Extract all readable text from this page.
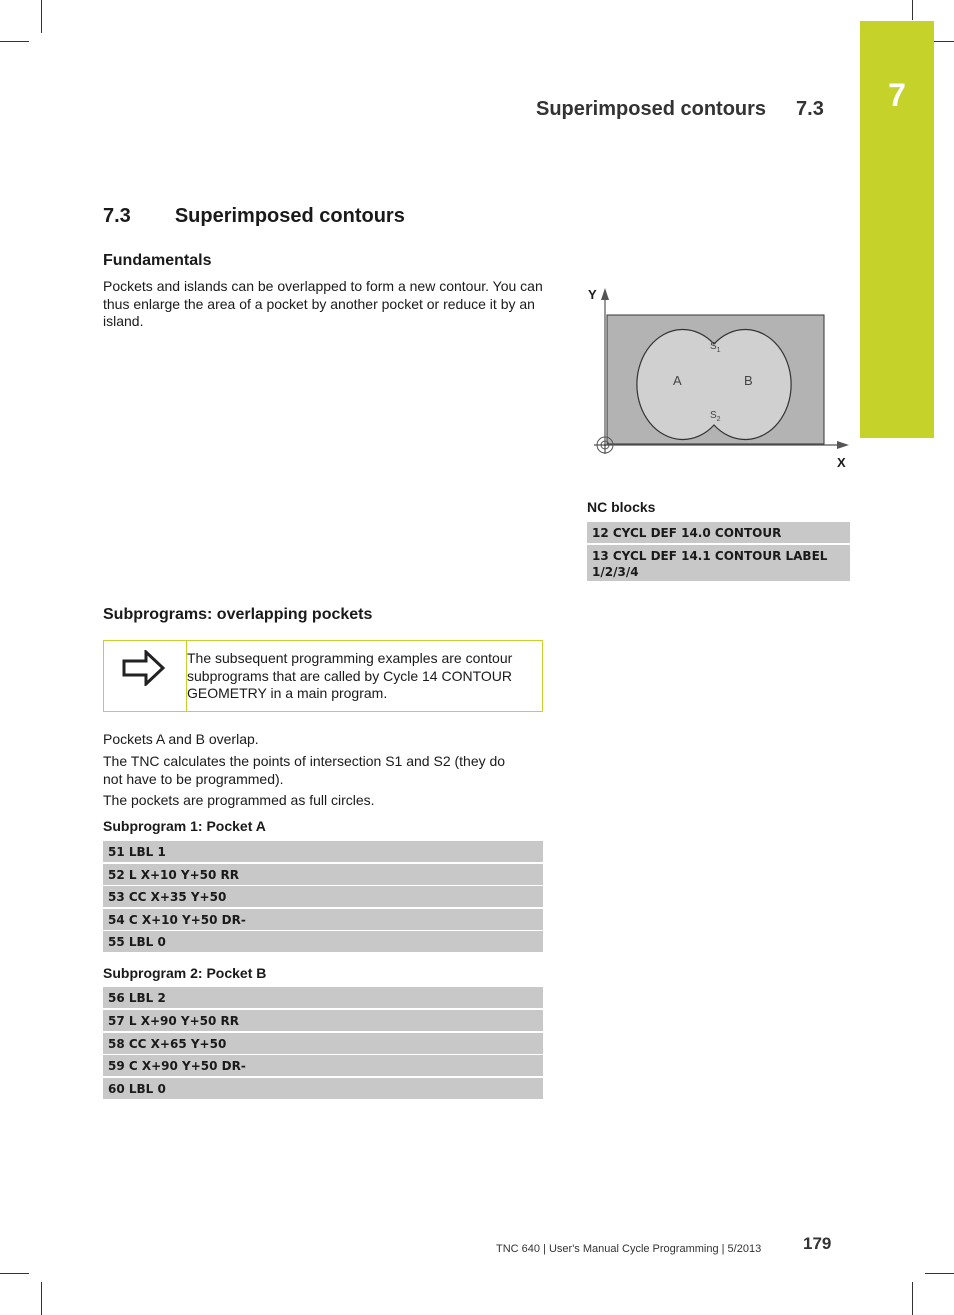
7
Superimposed contours 7.3
7.3 Superimposed contours
Fundamentals

Pockets and islands can be overlapped to form a new contour. You can thus enlarge the area of a pocket by another pocket or reduce it by an island.

Y
X
A	B
$S_1$
$S_2$
NC blocks
12 CYCL DEF 14.0 CONTOUR
13 CYCL DEF 14.1 CONTOUR LABEL 1/2/3/4
Subprograms: overlapping pockets
The subsequent programming examples are contour subprograms that are called by Cycle 14 CONTOUR GEOMETRY in a main program.

Pockets A and B overlap.

The TNC calculates the points of intersection S1 and S2 (they do not have to be programmed).

The pockets are programmed as full circles.

Subprogram 1: Pocket A
51 LBL 1
52 L X+10 Y+50 RR
53 CC X+35 Y+50
54 C X+10 Y+50 DR-
55 LBL 0
Subprogram 2: Pocket B
56 LBL 2
57 L X+90 Y+50 RR
58 CC X+65 Y+50
59 C X+90 Y+50 DR-
60 LBL 0
TNC 640 | User's Manual Cycle Programming | 5/2013 179
